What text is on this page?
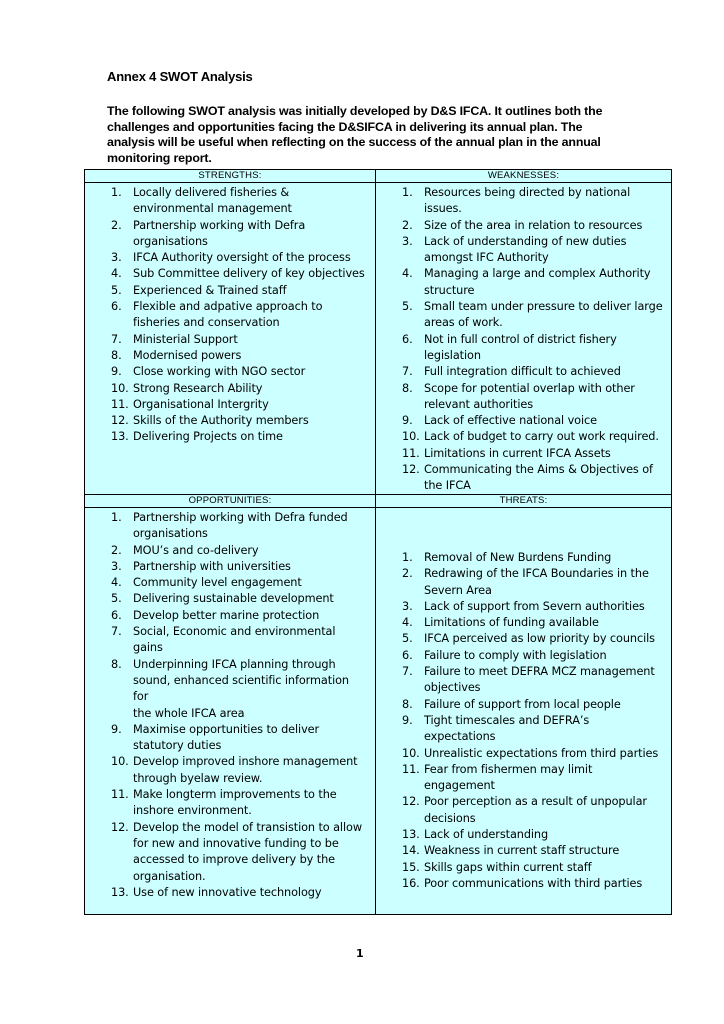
Annex 4 SWOT Analysis

The following SWOT analysis was initially developed by D&S IFCA. It outlines both the challenges and opportunities facing the D&SIFCA in delivering its annual plan. The analysis will be useful when reflecting on the success of the annual plan in the annual monitoring report.

STRENGTHS:
1. Locally delivered fisheries &
environmental management
2. Partnership working with Defra
organisations
3. IFCA Authority oversight of the process
4. Sub Committee delivery of key objectives
5. Experienced & Trained staff
6. Flexible and adpative approach to
fisheries and conservation
7. Ministerial Support
8. Modernised powers
9. Close working with NGO sector
10. Strong Research Ability
11. Organisational Intergrity
12. Skills of the Authority members
13. Delivering Projects on time
WEAKNESSES:
1. Resources being directed by national
issues.
2. Size of the area in relation to resources
3. Lack of understanding of new duties
amongst IFC Authority
4. Managing a large and complex Authority
structure
5. Small team under pressure to deliver large
areas of work.
6. Not in full control of district fishery
legislation
7. Full integration difficult to achieved
8. Scope for potential overlap with other
relevant authorities
9. Lack of effective national voice
10. Lack of budget to carry out work required.
11. Limitations in current IFCA Assets
12. Communicating the Aims & Objectives of
the IFCA
OPPORTUNITIES:
1. Partnership working with Defra funded
organisations
2. MOU’s and co-delivery
3. Partnership with universities
4. Community level engagement
5. Delivering sustainable development
6. Develop better marine protection
7. Social, Economic and environmental gains
8. Underpinning IFCA planning through
sound, enhanced scientific information for
the whole IFCA area
9. Maximise opportunities to deliver
statutory duties
10. Develop improved inshore management
through byelaw review.
11. Make longterm improvements to the
inshore environment.
12. Develop the model of transistion to allow
for new and innovative funding to be
accessed to improve delivery by the
organisation.
13. Use of new innovative technology
THREATS:
1. Removal of New Burdens Funding
2. Redrawing of the IFCA Boundaries in the
Severn Area
3. Lack of support from Severn authorities
4. Limitations of funding available
5. IFCA perceived as low priority by councils
6. Failure to comply with legislation
7. Failure to meet DEFRA MCZ management
objectives
8. Failure of support from local people
9. Tight timescales and DEFRA’s expectations
10. Unrealistic expectations from third parties
11. Fear from fishermen may limit
engagement
12. Poor perception as a result of unpopular
decisions
13. Lack of understanding
14. Weakness in current staff structure
15. Skills gaps within current staff
16. Poor communications with third parties
1
